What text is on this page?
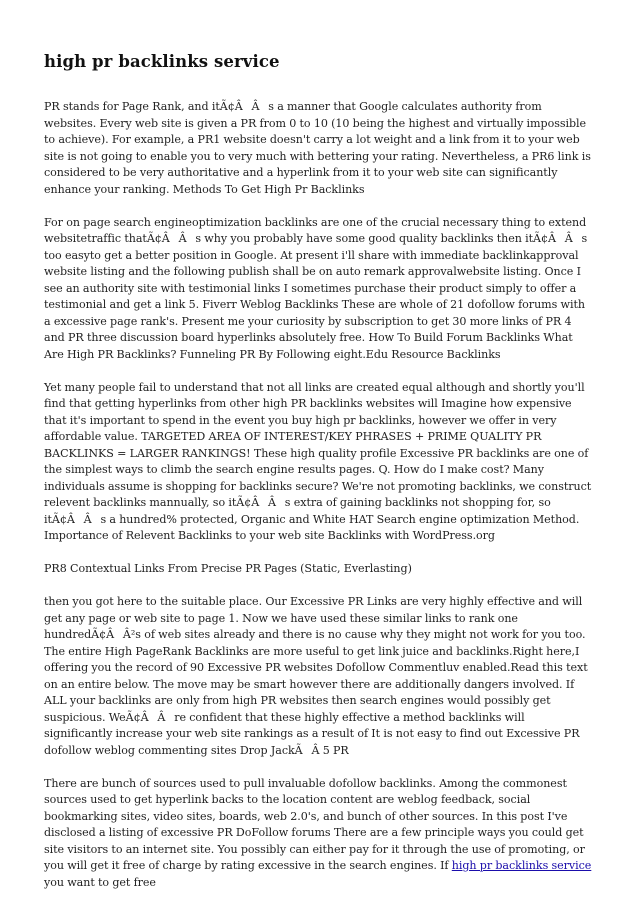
high pr backlinks service

PR stands for Page Rank, and itÃ¢ÂÂs a manner that Google calculates authority from websites. Every web site is given a PR from 0 to 10 (10 being the highest and virtually impossible to achieve). For example, a PR1 website doesn't carry a lot weight and a link from it to your web site is not going to enable you to very much with bettering your rating. Nevertheless, a PR6 link is considered to be very authoritative and a hyperlink from it to your web site can significantly enhance your ranking. Methods To Get High Pr Backlinks

For on page search engineoptimization backlinks are one of the crucial necessary thing to extend websitetraffic thatÃ¢ÂÂs why you probably have some good quality backlinks then itÃ¢ÂÂs too easyto get a better position in Google. At present i'll share with immediate backlinkapproval website listing and the following publish shall be on auto remark approvalwebsite listing. Once I see an authority site with testimonial links I sometimes purchase their product simply to offer a testimonial and get a link 5. Fiverr Weblog Backlinks These are whole of 21 dofollow forums with a excessive page rank's. Present me your curiosity by subscription to get 30 more links of PR 4 and PR three discussion board hyperlinks absolutely free. How To Build Forum Backlinks What Are High PR Backlinks? Funneling PR By Following eight.Edu Resource Backlinks

Yet many people fail to understand that not all links are created equal although and shortly you'll find that getting hyperlinks from other high PR backlinks websites will Imagine how expensive that it's important to spend in the event you buy high pr backlinks, however we offer in very affordable value. TARGETED AREA OF INTEREST/KEY PHRASES + PRIME QUALITY PR BACKLINKS = LARGER RANKINGS! These high quality profile Excessive PR backlinks are one of the simplest ways to climb the search engine results pages. Q. How do I make cost? Many individuals assume is shopping for backlinks secure? We're not promoting backlinks, we construct relevent backlinks mannually, so itÃ¢ÂÂs extra of gaining backlinks not shopping for, so itÃ¢ÂÂs a hundred% protected, Organic and White HAT Search engine optimization Method. Importance of Relevent Backlinks to your web site Backlinks with WordPress.org

PR8 Contextual Links From Precise PR Pages (Static, Everlasting)

then you got here to the suitable place. Our Excessive PR Links are very highly effective and will get any page or web site to page 1. Now we have used these similar links to rank one hundredÃ¢ÂÂ²s of web sites already and there is no cause why they might not work for you too. The entire High PageRank Backlinks are more useful to get link juice and backlinks.Right here,I offering you the record of 90 Excessive PR websites Dofollow Commentluv enabled.Read this text on an entire below. The move may be smart however there are additionally dangers involved. If ALL your backlinks are only from high PR websites then search engines would possibly get suspicious. WeÃ¢ÂÂre confident that these highly effective a method backlinks will significantly increase your web site rankings as a result of It is not easy to find out Excessive PR dofollow weblog commenting sites Drop JackÃÂ 5 PR

There are bunch of sources used to pull invaluable dofollow backlinks. Among the commonest sources used to get hyperlink backs to the location content are weblog feedback, social bookmarking sites, video sites, boards, web 2.0's, and bunch of other sources. In this post I've disclosed a listing of excessive PR DoFollow forums There are a few principle ways you could get site visitors to an internet site. You possibly can either pay for it through the use of promoting, or you will get it free of charge by rating excessive in the search engines. If high pr backlinks service you want to get free
